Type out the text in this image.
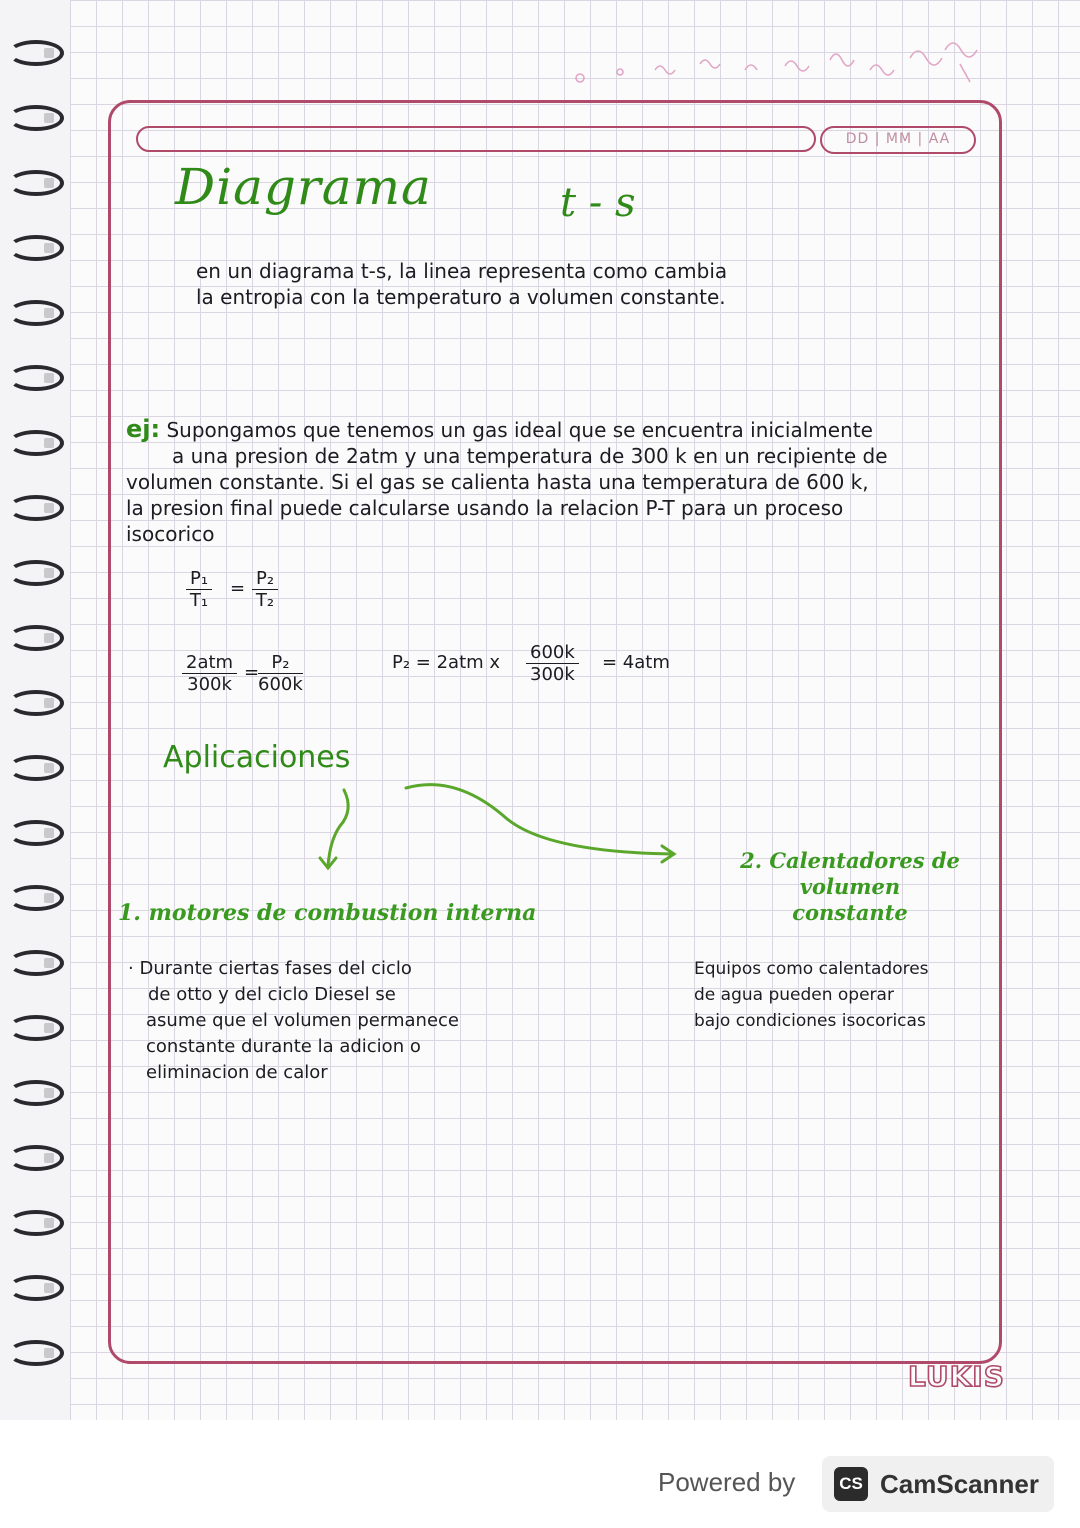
DD | MM | AA
Diagrama	t - s
en un diagrama t-s, la linea representa como cambia
la entropia con la temperaturo a volumen constante.
ej: Supongamos que tenemos un gas ideal que se encuentra inicialmente
a una presion de 2atm y una temperatura de 300 k en un recipiente de
volumen constante. Si el gas se calienta hasta una temperatura de 600 k,
la presion final puede calcularse usando la relacion P-T para un proceso
isocorico
$\frac{\text{P₁}}{\text{T₁}} = \frac{\text{P₂}}{\text{T₂}}$
2atm
300k
=
$\frac{\text{P₂}}{600k}$	P₂ = 2atm x $\frac{600k}{300k} = 4atm$
Aplicaciones
1. motores de combustion interna
· Durante ciertas fases del ciclo
de otto y del ciclo Diesel se
asume que el volumen permanece
constante durante la adicion o
eliminacion de calor
2. Calentadores de
volumen
constante
Equipos como calentadores
de agua pueden operar
bajo condiciones isocoricas
LUKIS
Powered by	CS CamScanner
